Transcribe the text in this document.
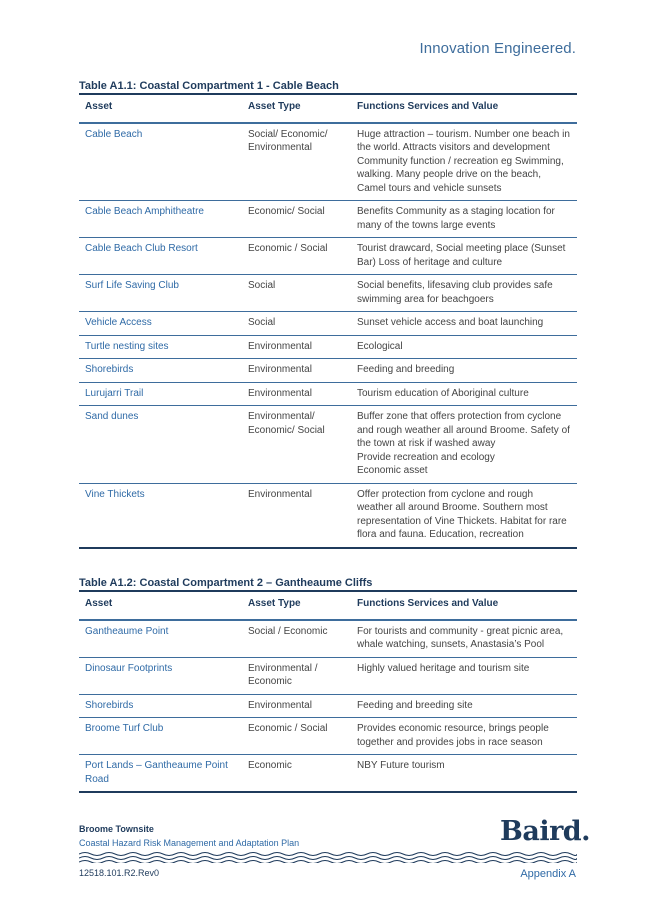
Innovation Engineered.
Table A1.1: Coastal Compartment 1 - Cable Beach
Asset	Asset Type	Functions Services and Value
Cable Beach	Social/ Economic/ Environmental	Huge attraction – tourism. Number one beach in the world. Attracts visitors and development Community function / recreation eg Swimming, walking. Many people drive on the beach, Camel tours and vehicle sunsets
Cable Beach Amphitheatre	Economic/ Social	Benefits Community as a staging location for many of the towns large events
Cable Beach Club Resort	Economic / Social	Tourist drawcard, Social meeting place (Sunset Bar) Loss of heritage and culture
Surf Life Saving Club	Social	Social benefits, lifesaving club provides safe swimming area for beachgoers
Vehicle Access	Social	Sunset vehicle access and boat launching
Turtle nesting sites	Environmental	Ecological
Shorebirds	Environmental	Feeding and breeding
Lurujarri Trail	Environmental	Tourism education of Aboriginal culture
Sand dunes	Environmental/ Economic/ Social	Buffer zone that offers protection from cyclone and rough weather all around Broome. Safety of the town at risk if washed away
Provide recreation and ecology
Economic asset
Vine Thickets	Environmental	Offer protection from cyclone and rough weather all around Broome. Southern most representation of Vine Thickets. Habitat for rare flora and fauna. Education, recreation
Table A1.2: Coastal Compartment 2 – Gantheaume Cliffs
Asset	Asset Type	Functions Services and Value
Gantheaume Point	Social / Economic	For tourists and community - great picnic area, whale watching, sunsets, Anastasia’s Pool
Dinosaur Footprints	Environmental / Economic	Highly valued heritage and tourism site
Shorebirds	Environmental	Feeding and breeding site
Broome Turf Club	Economic / Social	Provides economic resource, brings people together and provides jobs in race season
Port Lands – Gantheaume Point Road	Economic	NBY Future tourism
Broome Townsite
Coastal Hazard Risk Management and Adaptation Plan	Baird.
12518.101.R2.Rev0	Appendix A
